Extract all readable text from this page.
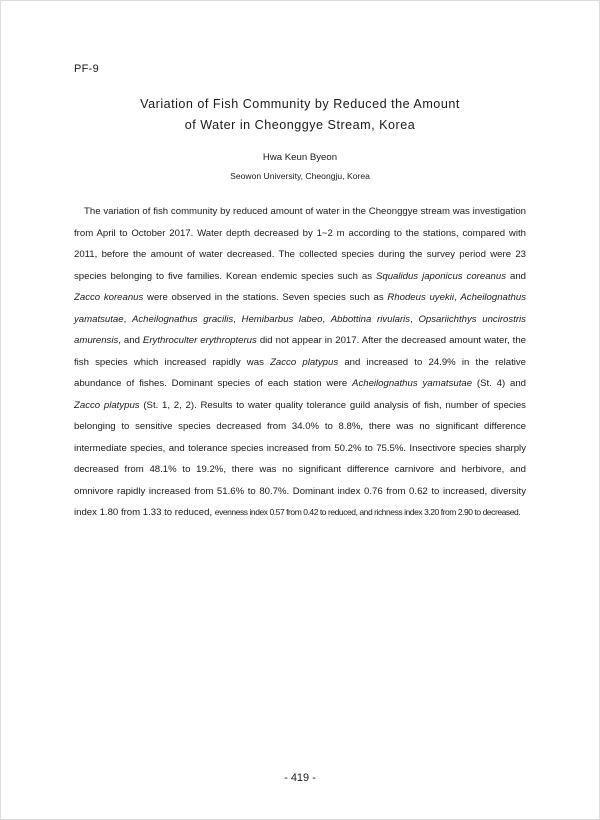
PF-9
Variation of Fish Community by Reduced the Amount
of Water in Cheonggye Stream, Korea
Hwa Keun Byeon
Seowon University, Cheongju, Korea

The variation of fish community by reduced amount of water in the Cheonggye stream was investigation from April to October 2017. Water depth decreased by 1~2 m according to the stations, compared with 2011, before the amount of water decreased. The collected species during the survey period were 23 species belonging to five families. Korean endemic species such as Squalidus japonicus coreanus and Zacco koreanus were observed in the stations. Seven species such as Rhodeus uyekii, Acheilognathus yamatsutae, Acheilognathus gracilis, Hemibarbus labeo, Abbottina rivularis, Opsariichthys uncirostris amurensis, and Erythroculter erythropterus did not appear in 2017. After the decreased amount water, the fish species which increased rapidly was Zacco platypus and increased to 24.9% in the relative abundance of fishes. Dominant species of each station were Acheilognathus yamatsutae (St. 4) and Zacco platypus (St. 1, 2, 2). Results to water quality tolerance guild analysis of fish, number of species belonging to sensitive species decreased from 34.0% to 8.8%, there was no significant difference intermediate species, and tolerance species increased from 50.2% to 75.5%. Insectivore species sharply decreased from 48.1% to 19.2%, there was no significant difference carnivore and herbivore, and omnivore rapidly increased from 51.6% to 80.7%. Dominant index 0.76 from 0.62 to increased, diversity index 1.80 from 1.33 to reduced, evenness index 0.57 from 0.42 to reduced, and richness index 3.20 from 2.90 to decreased.

- 419 -
